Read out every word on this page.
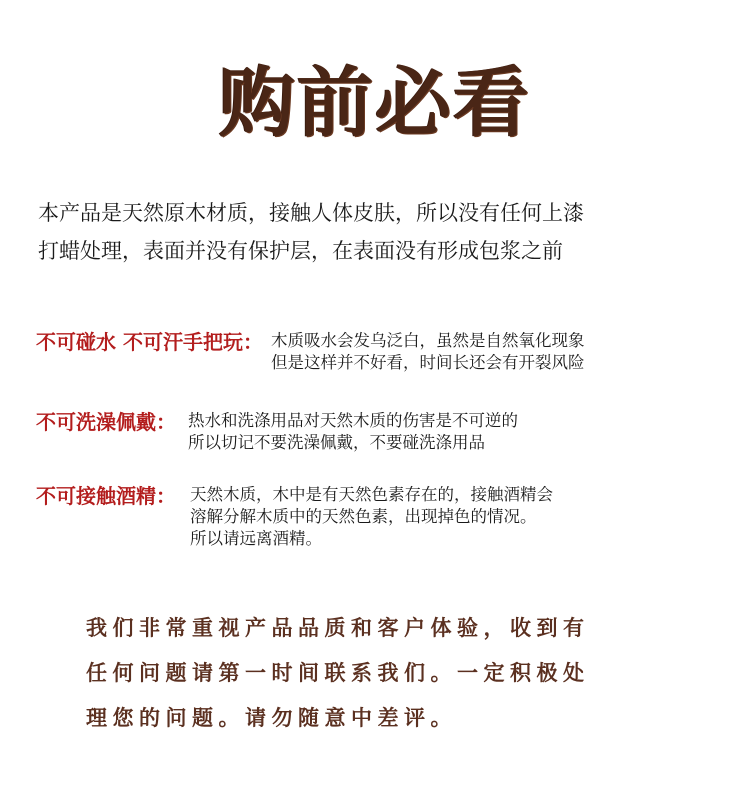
购前必看
本产品是天然原木材质，接触人体皮肤，所以没有任何上漆
打蜡处理，表面并没有保护层，在表面没有形成包浆之前
不可碰水 不可汗手把玩： 木质吸水会发乌泛白，虽然是自然氧化现象
但是这样并不好看，时间长还会有开裂风险
不可洗澡佩戴： 热水和洗涤用品对天然木质的伤害是不可逆的
所以切记不要洗澡佩戴，不要碰洗涤用品
不可接触酒精： 天然木质，木中是有天然色素存在的，接触酒精会
溶解分解木质中的天然色素，出现掉色的情况。
所以请远离酒精。
我们非常重视产品品质和客户体验，收到有
任何问题请第一时间联系我们。一定积极处
理您的问题。请勿随意中差评。
